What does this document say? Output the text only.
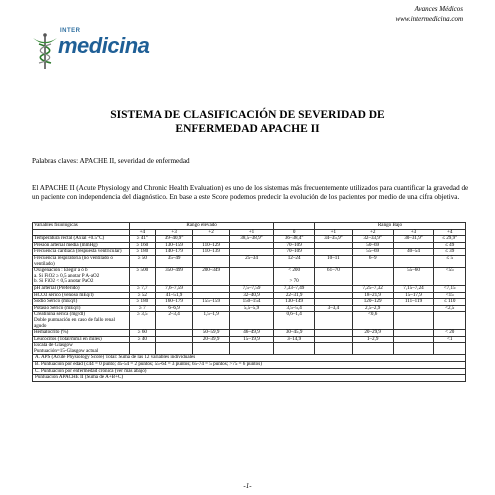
Avances Médicos
www.intermedicina.com
INTER
medicina
SISTEMA DE CLASIFICACIÓN DE SEVERIDAD DE
ENFERMEDAD APACHE II
Palabras claves: APACHE II, severidad de enfermedad
El APACHE II (Acute Physiology and Chronic Health Evaluation) es uno de los sistemas más frecuentemente utilizados para cuantificar la gravedad de un paciente con independencia del diagnóstico. En base a este Score podemos predecir la evolución de los pacientes por medio de una cifra objetiva.
Variables fisiológicas	Rango elevado					Rango Bajo			
	+4	+3	+2	+1	0	+1	+2	+3	+4
Temperatura rectal (Axial +0.5°C)	≥ 41°	39–40,9°		38,5–38,9°	36–38,4°	34–35,9°	32–33,9°	30–31,9°	≤ 29,9°
Presión arterial media (mmHg)	≥ 160	130–159	110–129		70–109		50–69		≤ 49
Frecuencia cardiaca (respuesta ventricular)	≥ 180	140–179	110–139		70–109		55–69	40–54	≤ 39
Frecuencia respiratoria (no ventilado o ventilado)	≥ 50	35–49		25–34	12–24	10–11	6–9		≤ 5
Oxigenación : Elegir a ó b
a. Si FiO2 ≥ 0,5 anotar P A-aO2
b. Si FiO2 < 0,5 anotar PaO2	≥ 500	350–499	200–349		< 200

> 70	61–70		55–60	<55
pH arterial (Preferido)	≥ 7,7	7,6–7,59		7,5–7,59	7,33–7,49		7,25–7,32	7,15–7,24	<7,15
HCO3 sérico (venoso mEq/l)	≥ 52	41–51,9		32–40,9	22–31,9		18–21,9	15–17,9	<15
Sodio Sérico (mEq/l)	≥ 180	160–179	155–159	150–154	130–149		120–129	111–119	≤ 110
Potasio Sérico (mEq/l)	≥ 7	6–6,9		5,5–5,9	3,5–5,4	3–3,4	2,5–2,9		<2,5
Creatinina sérica (mg/dl)
Doble puntuación en caso de fallo renal agudo	≥ 3,5	2–3,4	1,5–1,9		0,6–1,4		<0,6		
Hematocrito (%)	≥ 60		50–59,9	46–49,9	30–45,9		20–29,9		< 20
Leucocitos (Total/mm3 en miles)	≥ 40		20–39,9	15–19,9	3–14,9		1–2,9		<1
Escala de Glasgow
Puntuación=15-Glasgow actual									
A. APS (Acute Physiology Score) Total: Suma de las 12 variables individuales									
B. Puntuación por edad (≤44 = 0 punto; 45-54 = 2 puntos; 55-64 = 3 puntos; 65-74 = 5 puntos; >75 = 6 puntos)									
C. Puntuación por enfermedad crónica (ver más abajo)									
Puntuación APACHE II (Suma de A+B+C)									
-1-
